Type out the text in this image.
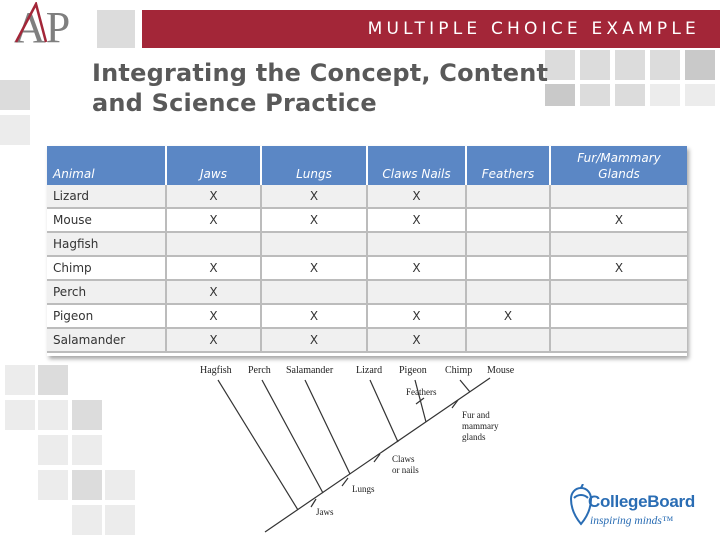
AP	MULTIPLE CHOICE EXAMPLE
Integrating the Concept, Content
and Science Practice
Animal	Jaws	Lungs	Claws Nails	Feathers	Fur/Mammary Glands
Lizard	X	X	X		
Mouse	X	X	X		X
Hagfish					
Chimp	X	X	X		X
Perch	X				
Pigeon	X	X	X	X	
Salamander	X	X	X		
Hagfish Perch Salamander Lizard Pigeon Chimp Mouse
Feathers
Fur and
mammary
glands
Claws
or nails
Lungs
Jaws
CollegeBoard
inspiring minds™
